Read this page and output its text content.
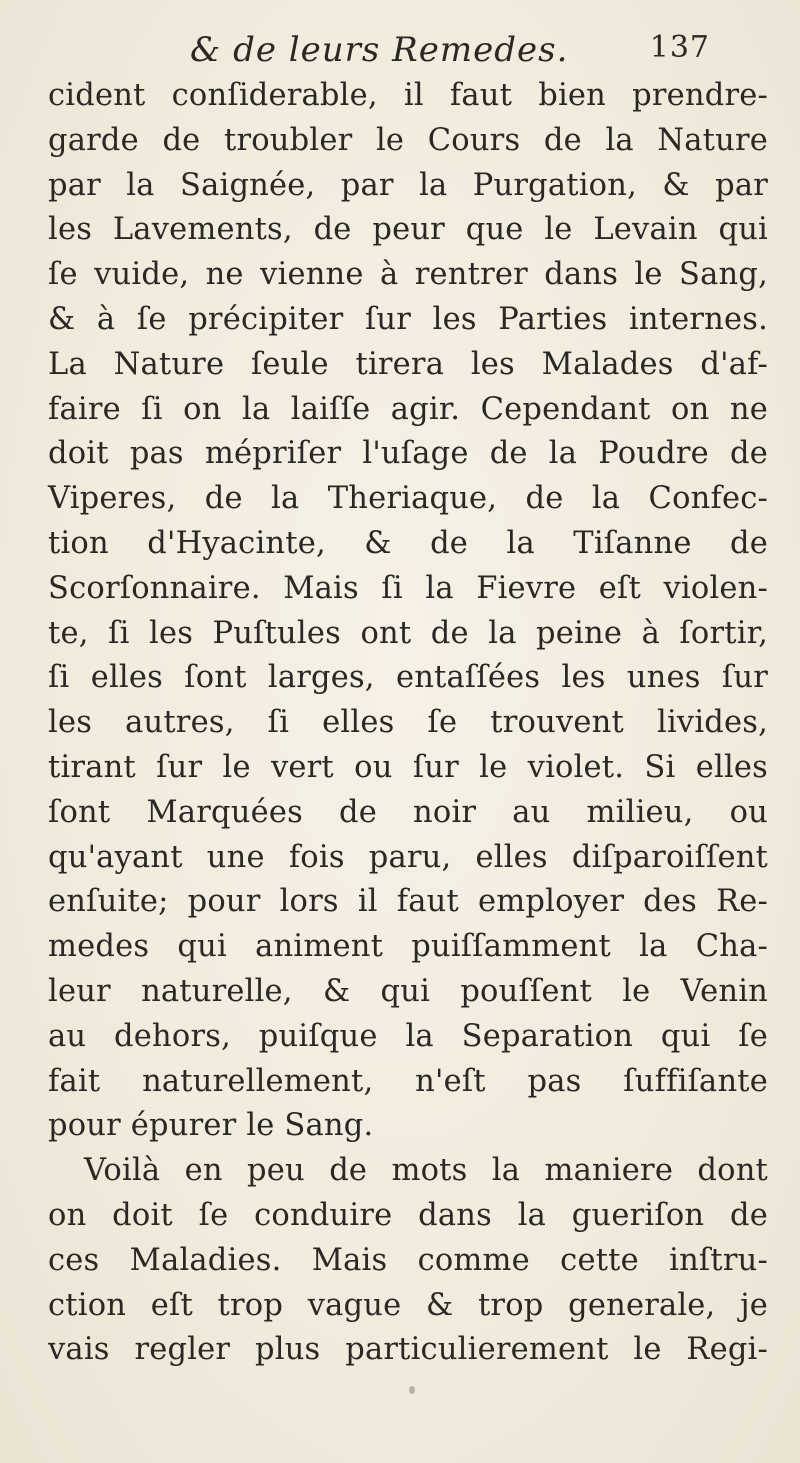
& de leurs Remedes.	137
cident conſiderable, il faut bien prendre-
garde de troubler le Cours de la Nature
par la Saignée, par la Purgation, & par
les Lavements, de peur que le Levain qui
ſe vuide, ne vienne à rentrer dans le Sang,
& à ſe précipiter ſur les Parties internes.
La Nature ſeule tirera les Malades d'af-
faire ſi on la laiſſe agir. Cependant on ne
doit pas mépriſer l'uſage de la Poudre de
Viperes, de la Theriaque, de la Confec-
tion d'Hyacinte, & de la Tiſanne de
Scorſonnaire. Mais ſi la Fievre eſt violen-
te, ſi les Puſtules ont de la peine à ſortir,
ſi elles ſont larges, entaſſées les unes ſur
les autres, ſi elles ſe trouvent livides,
tirant ſur le vert ou ſur le violet. Si elles
ſont Marquées de noir au milieu, ou
qu'ayant une fois paru, elles diſparoiſſent
enſuite; pour lors il faut employer des Re-
medes qui animent puiſſamment la Cha-
leur naturelle, & qui pouſſent le Venin
au dehors, puiſque la Separation qui ſe
fait naturellement, n'eſt pas ſuffiſante
pour épurer le Sang.
Voilà en peu de mots la maniere dont
on doit ſe conduire dans la gueriſon de
ces Maladies. Mais comme cette inſtru-
ction eſt trop vague & trop generale, je
vais regler plus particulierement le Regi-
